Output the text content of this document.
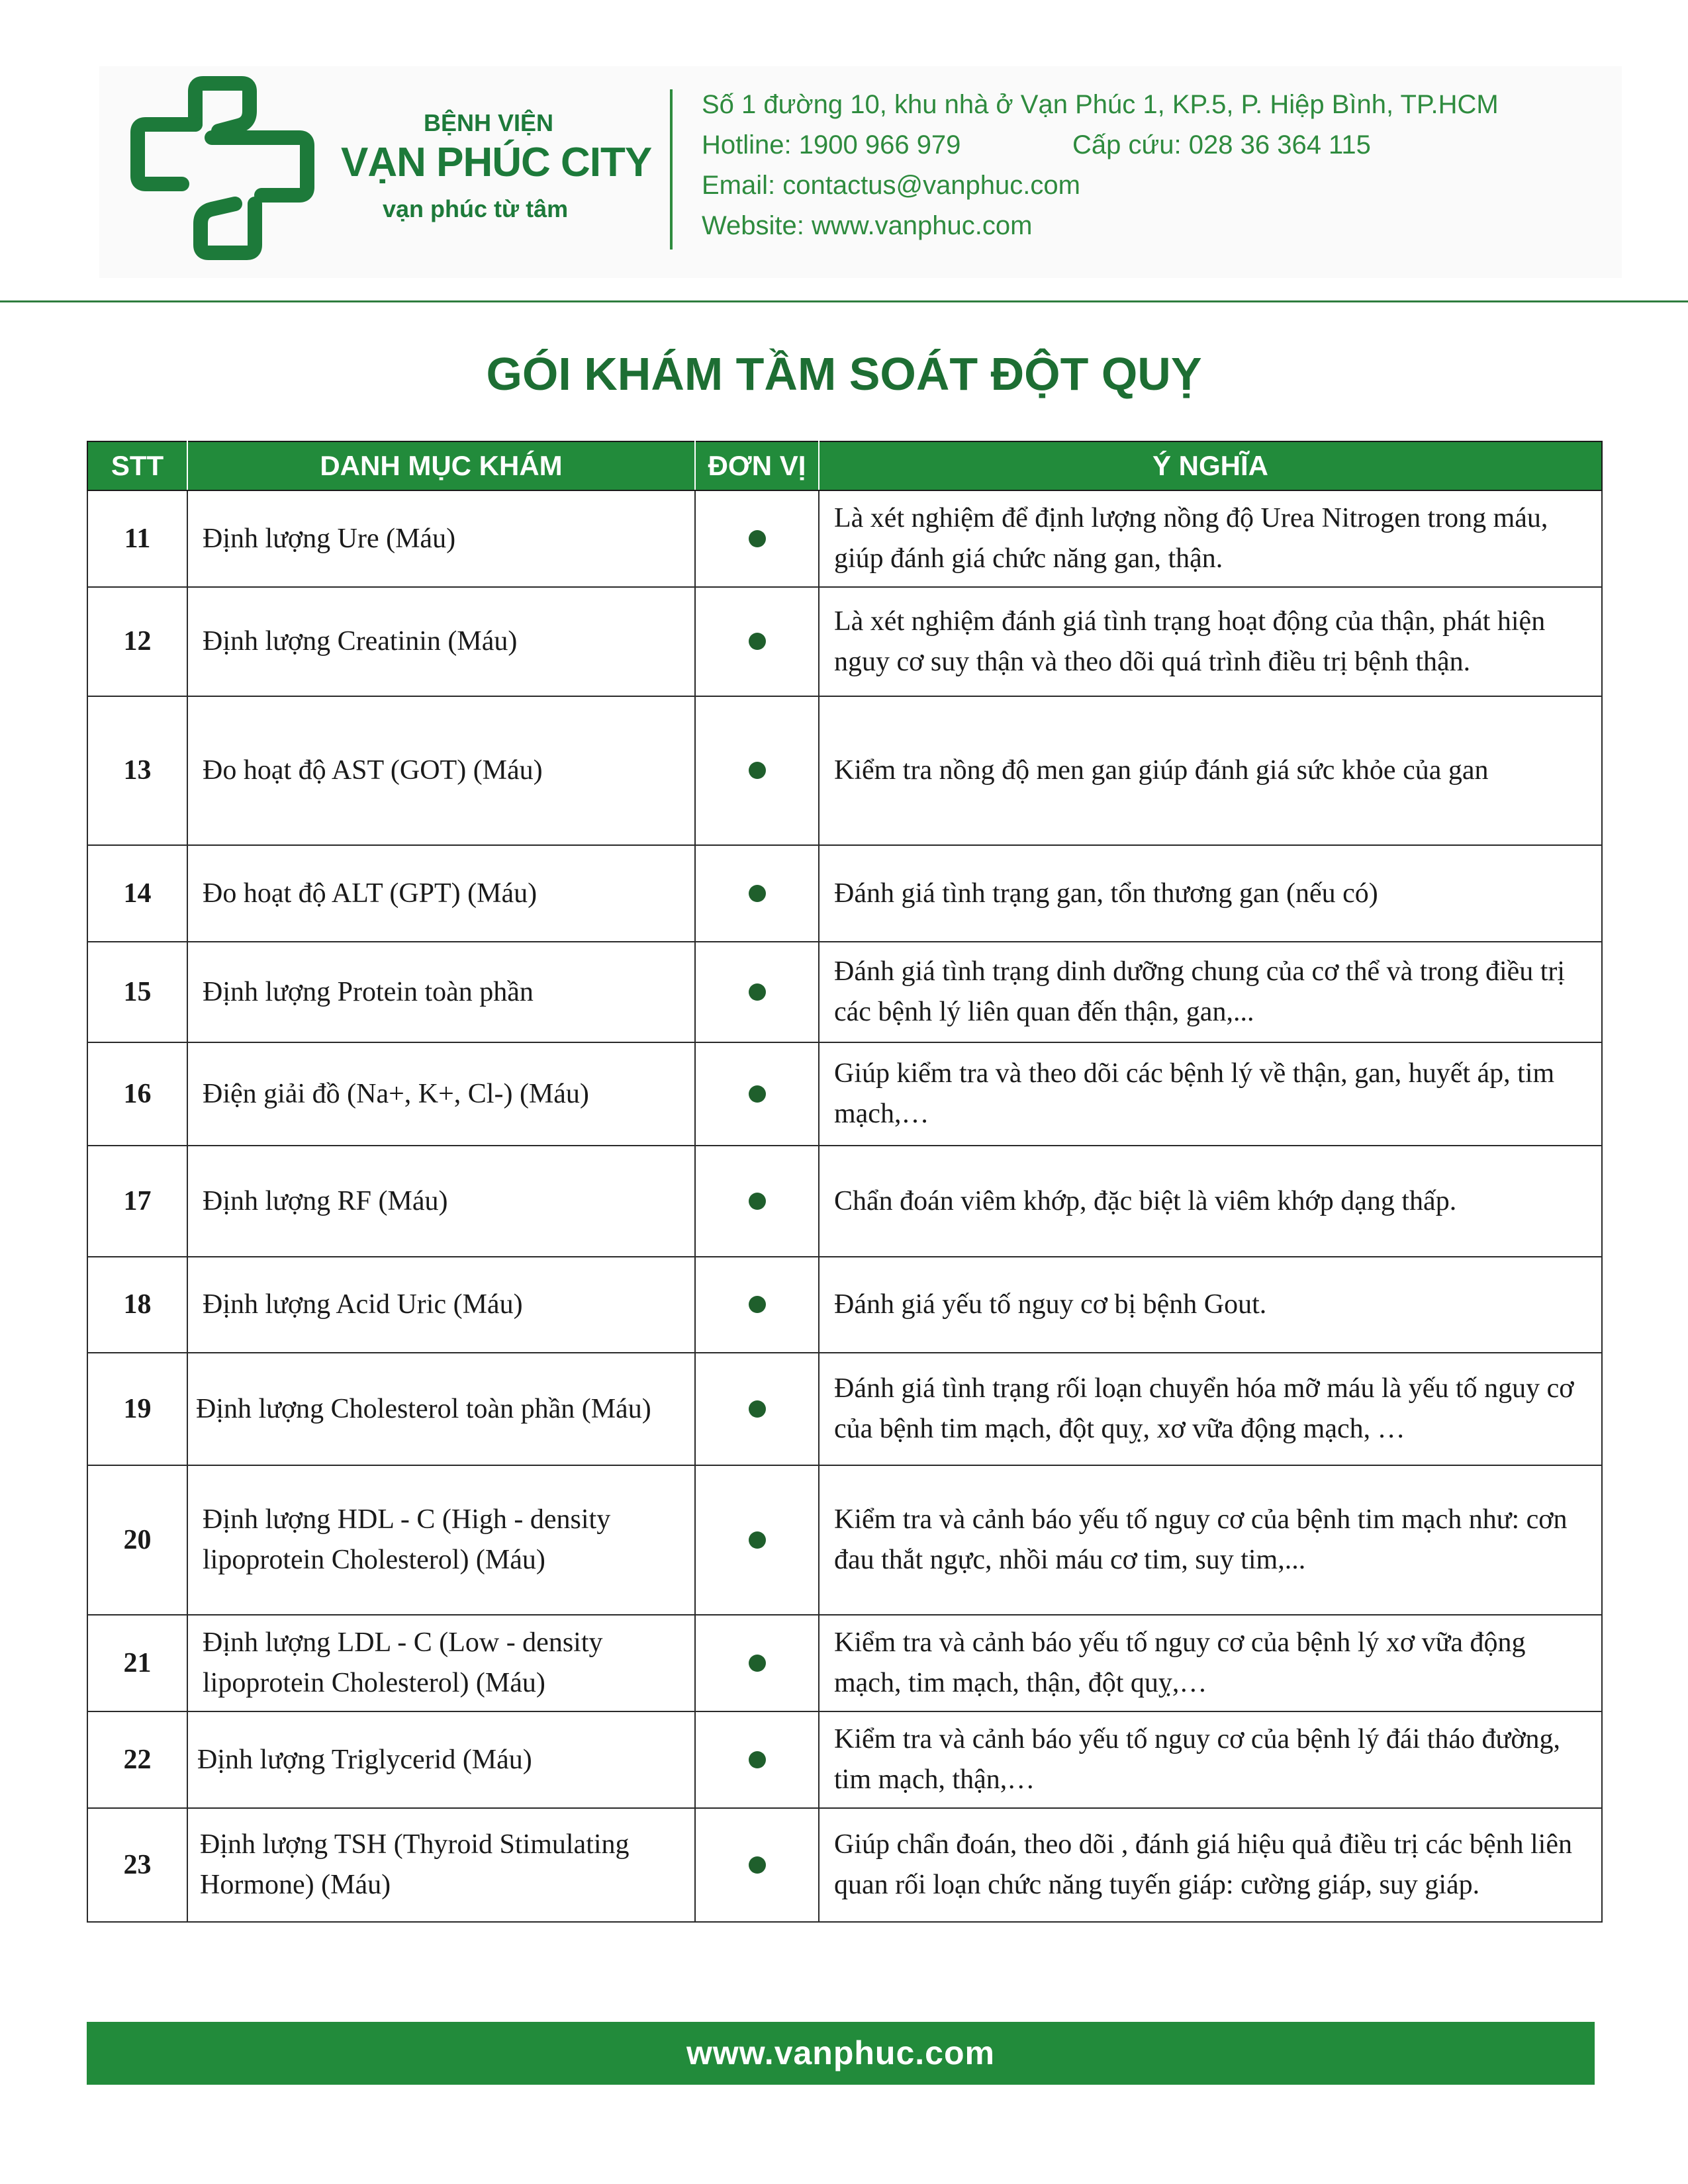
BỆNH VIỆN
VẠN PHÚC CITY
vạn phúc từ tâm
Số 1 đường 10, khu nhà ở Vạn Phúc 1, KP.5, P. Hiệp Bình, TP.HCM
Hotline: 1900 966 979	Cấp cứu: 028 36 364 115
Email: contactus@vanphuc.com
Website: www.vanphuc.com
GÓI KHÁM TẦM SOÁT ĐỘT QUỴ
STT	DANH MỤC KHÁM	ĐƠN VỊ	Ý NGHĨA
11	Định lượng Ure (Máu)		Là xét nghiệm để định lượng nồng độ Urea Nitrogen trong máu, giúp đánh giá chức năng gan, thận.
12	Định lượng Creatinin (Máu)		Là xét nghiệm đánh giá tình trạng hoạt động của thận, phát hiện nguy cơ suy thận và theo dõi quá trình điều trị bệnh thận.
13	Đo hoạt độ AST (GOT) (Máu)		Kiểm tra nồng độ men gan giúp đánh giá sức khỏe của gan
14	Đo hoạt độ ALT (GPT) (Máu)		Đánh giá tình trạng gan, tổn thương gan (nếu có)
15	Định lượng Protein toàn phần		Đánh giá tình trạng dinh dưỡng chung của cơ thể và trong điều trị các bệnh lý liên quan đến thận, gan,...
16	Điện giải đồ (Na+, K+, Cl-) (Máu)		Giúp kiểm tra và theo dõi các bệnh lý về thận, gan, huyết áp, tim mạch,…
17	Định lượng RF (Máu)		Chẩn đoán viêm khớp, đặc biệt là viêm khớp dạng thấp.
18	Định lượng Acid Uric (Máu)		Đánh giá yếu tố nguy cơ bị bệnh Gout.
19	Định lượng Cholesterol toàn phần (Máu)		Đánh giá tình trạng rối loạn chuyển hóa mỡ máu là yếu tố nguy cơ của bệnh tim mạch, đột quỵ, xơ vữa động mạch, …
20	Định lượng HDL - C (High - density lipoprotein Cholesterol) (Máu)		Kiểm tra và cảnh báo yếu tố nguy cơ của bệnh tim mạch như: cơn đau thắt ngực, nhồi máu cơ tim, suy tim,...
21	Định lượng LDL - C (Low - density lipoprotein Cholesterol) (Máu)		Kiểm tra và cảnh báo yếu tố nguy cơ của bệnh lý xơ vữa động mạch, tim mạch, thận, đột quỵ,…
22	Định lượng Triglycerid (Máu)		Kiểm tra và cảnh báo yếu tố nguy cơ của bệnh lý đái tháo đường, tim mạch, thận,…
23	Định lượng TSH (Thyroid Stimulating Hormone) (Máu)		Giúp chẩn đoán, theo dõi , đánh giá hiệu quả điều trị các bệnh liên quan rối loạn chức năng tuyến giáp: cường giáp, suy giáp.
www.vanphuc.com
